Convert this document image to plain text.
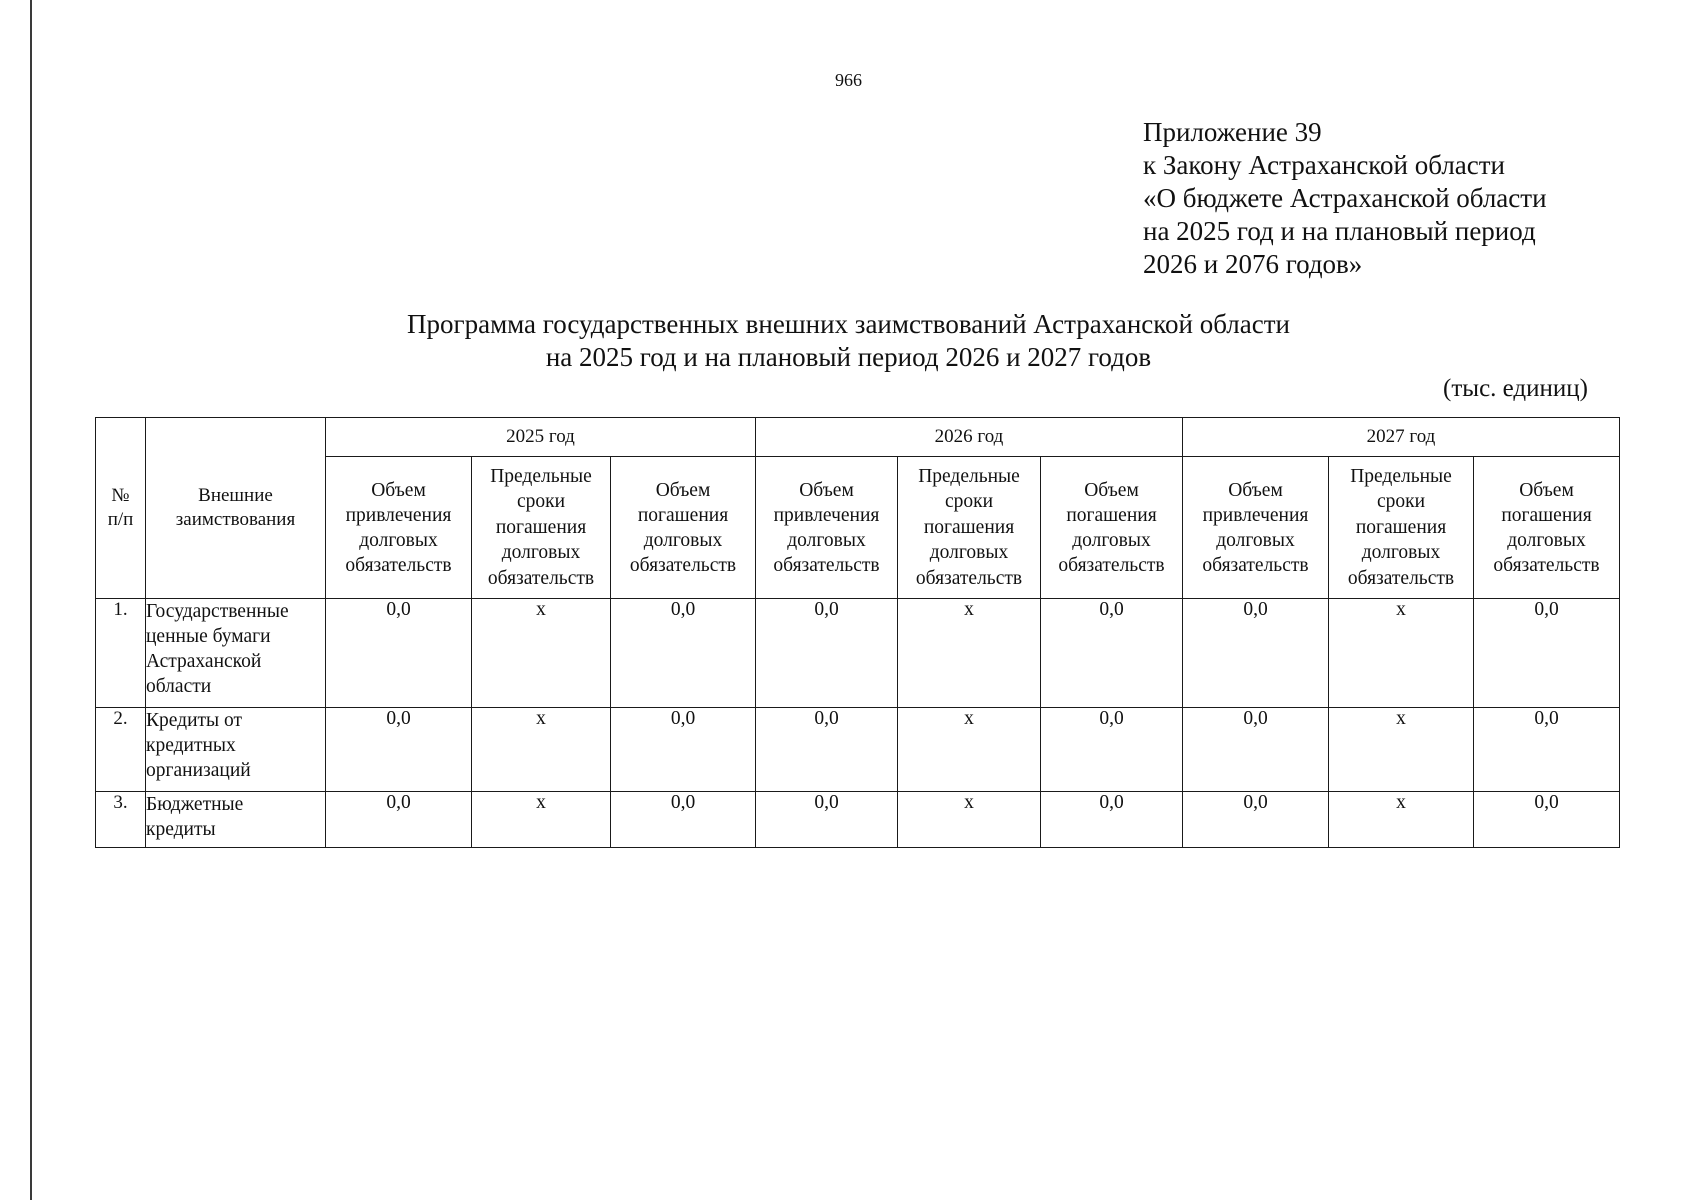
966
Приложение 39
к Закону Астраханской области
«О бюджете Астраханской области
на 2025 год и на плановый период
2026 и 2076 годов»
Программа государственных внешних заимствований Астраханской области
на 2025 год и на плановый период 2026 и 2027 годов
(тыс. единиц)
№
п/п	Внешние
заимствования	2025 год			2026 год			2027 год		
		Объем
привлечения
долговых
обязательств	Предельные
сроки
погашения
долговых
обязательств	Объем
погашения
долговых
обязательств	Объем
привлечения
долговых
обязательств	Предельные
сроки
погашения
долговых
обязательств	Объем
погашения
долговых
обязательств	Объем
привлечения
долговых
обязательств	Предельные
сроки
погашения
долговых
обязательств	Объем
погашения
долговых
обязательств
1.	Государственные
ценные бумаги
Астраханской
области	0,0	х	0,0	0,0	х	0,0	0,0	х	0,0
2.	Кредиты от
кредитных
организаций	0,0	х	0,0	0,0	х	0,0	0,0	х	0,0
3.	Бюджетные
кредиты	0,0	х	0,0	0,0	х	0,0	0,0	х	0,0
